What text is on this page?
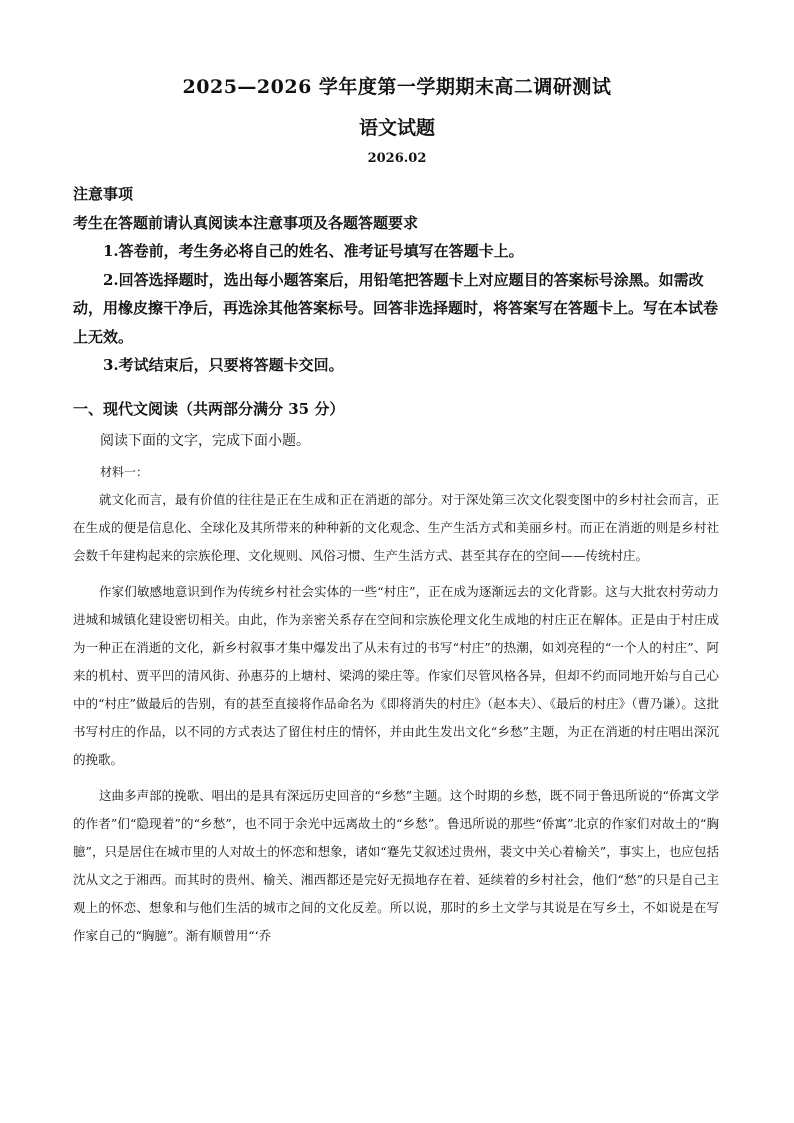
2025—2026 学年度第一学期期末高二调研测试
语文试题
2026.02

注意事项

考生在答题前请认真阅读本注意事项及各题答题要求

1.答卷前，考生务必将自己的姓名、准考证号填写在答题卡上。

2.回答选择题时，选出每小题答案后，用铅笔把答题卡上对应题目的答案标号涂黑。如需改动，用橡皮擦干净后，再选涂其他答案标号。回答非选择题时，将答案写在答题卡上。写在本试卷上无效。

3.考试结束后，只要将答题卡交回。

一、现代文阅读（共两部分满分 35 分）
阅读下面的文字，完成下面小题。
材料一：

就文化而言，最有价值的往往是正在生成和正在消逝的部分。对于深处第三次文化裂变图中的乡村社会而言，正在生成的便是信息化、全球化及其所带来的种种新的文化观念、生产生活方式和美丽乡村。而正在消逝的则是乡村社会数千年建构起来的宗族伦理、文化规则、风俗习惯、生产生活方式、甚至其存在的空间——传统村庄。

作家们敏感地意识到作为传统乡村社会实体的一些“村庄”，正在成为逐渐远去的文化背影。这与大批农村劳动力进城和城镇化建设密切相关。由此，作为亲密关系存在空间和宗族伦理文化生成地的村庄正在解体。正是由于村庄成为一种正在消逝的文化，新乡村叙事才集中爆发出了从未有过的书写“村庄”的热潮，如刘亮程的“一个人的村庄”、阿来的机村、贾平凹的清风街、孙惠芬的上塘村、梁鸿的梁庄等。作家们尽管风格各异，但却不约而同地开始与自己心中的“村庄”做最后的告别，有的甚至直接将作品命名为《即将消失的村庄》（赵本夫）、《最后的村庄》（曹乃谦）。这批书写村庄的作品，以不同的方式表达了留住村庄的情怀，并由此生发出文化“乡愁”主题，为正在消逝的村庄唱出深沉的挽歌。

这曲多声部的挽歌、唱出的是具有深远历史回音的“乡愁”主题。这个时期的乡愁，既不同于鲁迅所说的“侨寓文学的作者”们“隐现着”的“乡愁”，也不同于余光中远离故土的“乡愁”。鲁迅所说的那些“侨寓”北京的作家们对故土的“胸臆”，只是居住在城市里的人对故土的怀恋和想象，诸如“蹇先艾叙述过贵州，裴文中关心着榆关”，事实上，也应包括沈从文之于湘西。而其时的贵州、榆关、湘西都还是完好无损地存在着、延续着的乡村社会，他们“愁”的只是自己主观上的怀恋、想象和与他们生活的城市之间的文化反差。所以说，那时的乡土文学与其说是在写乡土，不如说是在写作家自己的“胸臆”。渐有顺曾用“‘乔
